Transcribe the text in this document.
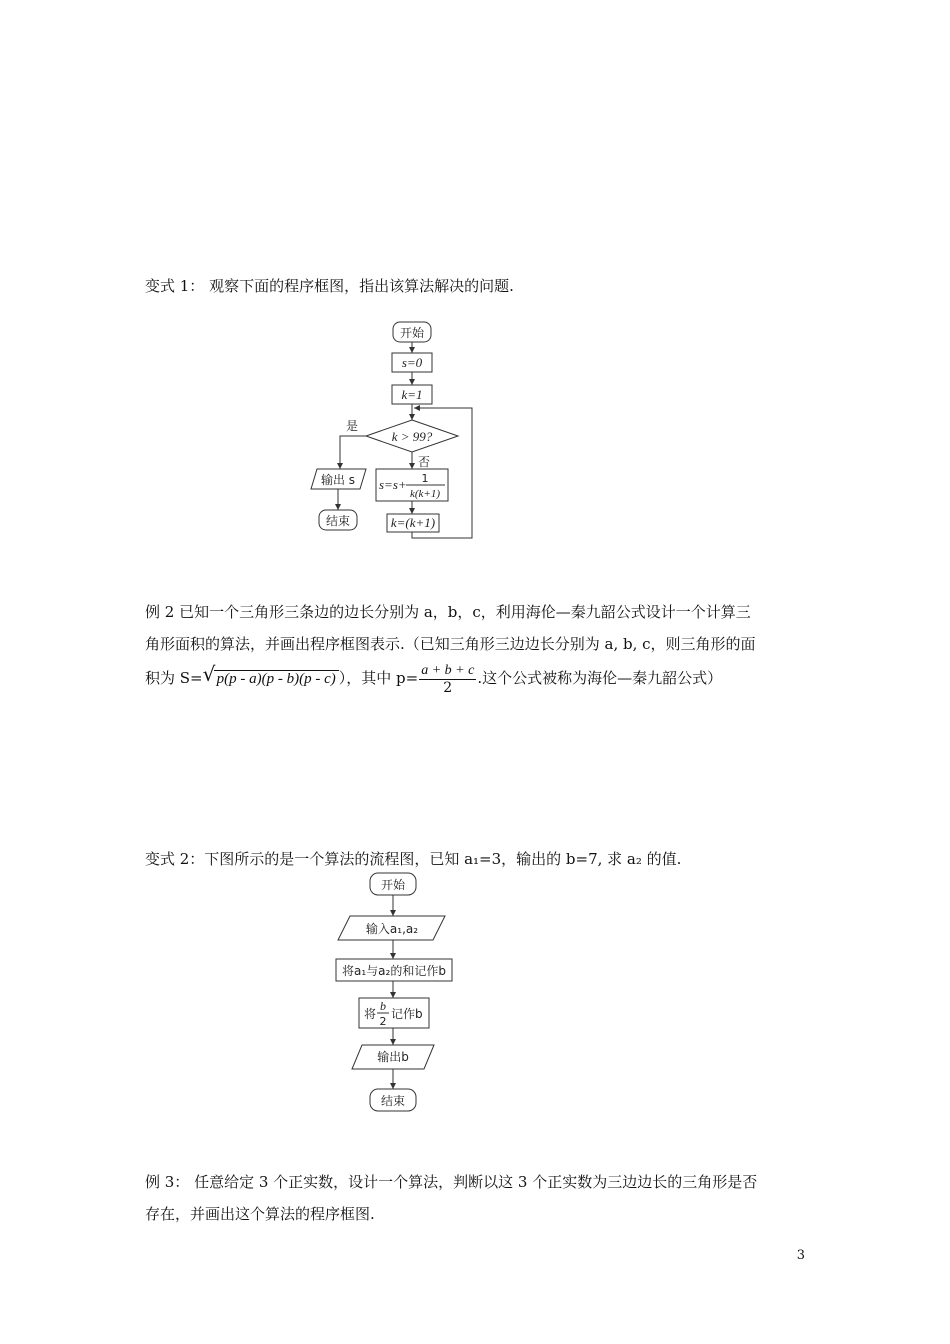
变式 1： 观察下面的程序框图，指出该算法解决的问题.

开始
s=0
k=1
k > 99?
是
输出 s
结束
否
s=s+ 1
k(k+1)
k=(k+1)
例 2 已知一个三角形三条边的边长分别为 a，b，c，利用海伦—秦九韶公式设计一个计算三
角形面积的算法，并画出程序框图表示.（已知三角形三边边长分别为 a, b, c，则三角形的面
积为 S= √ p(p - a)(p - b)(p - c) ），其中 $p= \frac{a + b + c}{2}$ .这个公式被称为海伦—秦九韶公式）

变式 2：下图所示的是一个算法的流程图，已知 a₁=3，输出的 b=7, 求 a₂ 的值.

开始
输入a₁,a₂
将a₁与a₂的和记作b
将
b
2
记作b
输出b
结束
例 3： 任意给定 3 个正实数，设计一个算法，判断以这 3 个正实数为三边边长的三角形是否
存在，并画出这个算法的程序框图.
3
